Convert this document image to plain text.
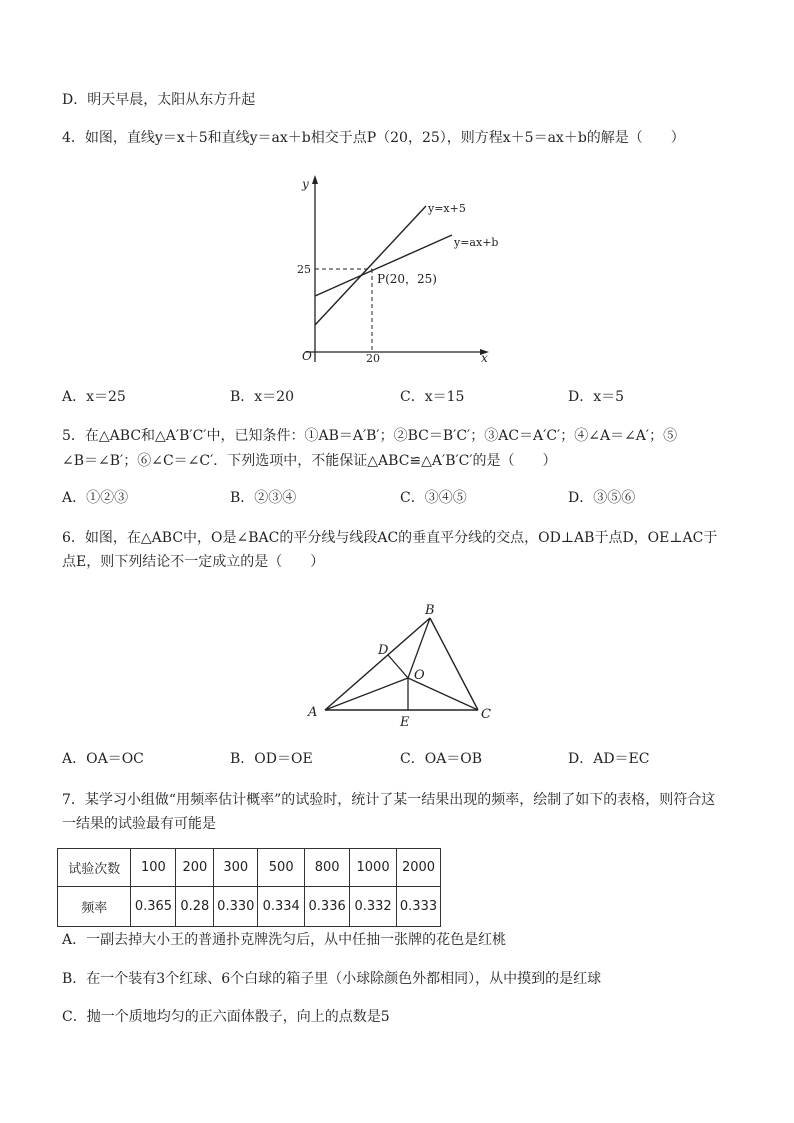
D．明天早晨，太阳从东方升起
4．如图，直线y＝x＋5和直线y＝ax＋b相交于点P（20，25），则方程x＋5＝ax＋b的解是（　　）
y
x
O
25
20
P(20，25)
y=x+5
y=ax+b
A．x＝25	B．x＝20	C．x＝15	D．x＝5
5．在△ABC和△A′B′C′中，已知条件：①AB＝A′B′；②BC＝B′C′；③AC＝A′C′；④∠A＝∠A′；⑤
∠B＝∠B′；⑥∠C＝∠C′．下列选项中，不能保证△ABC≌△A′B′C′的是（　　）
A．①②③	B．②③④	C．③④⑤	D．③⑤⑥
6．如图，在△ABC中，O是∠BAC的平分线与线段AC的垂直平分线的交点，OD⊥AB于点D，OE⊥AC于
点E，则下列结论不一定成立的是（　　）
A
B
C
D
E
O
A．OA＝OC	B．OD＝OE	C．OA＝OB	D．AD＝EC
7．某学习小组做“用频率估计概率”的试验时，统计了某一结果出现的频率，绘制了如下的表格，则符合这
一结果的试验最有可能是
试验次数	100	200	300	500	800	1000	2000
频率	0.365	0.28	0.330	0.334	0.336	0.332	0.333
A．一副去掉大小王的普通扑克牌洗匀后，从中任抽一张牌的花色是红桃
B．在一个装有3个红球、6个白球的箱子里（小球除颜色外都相同），从中摸到的是红球
C．抛一个质地均匀的正六面体骰子，向上的点数是5
